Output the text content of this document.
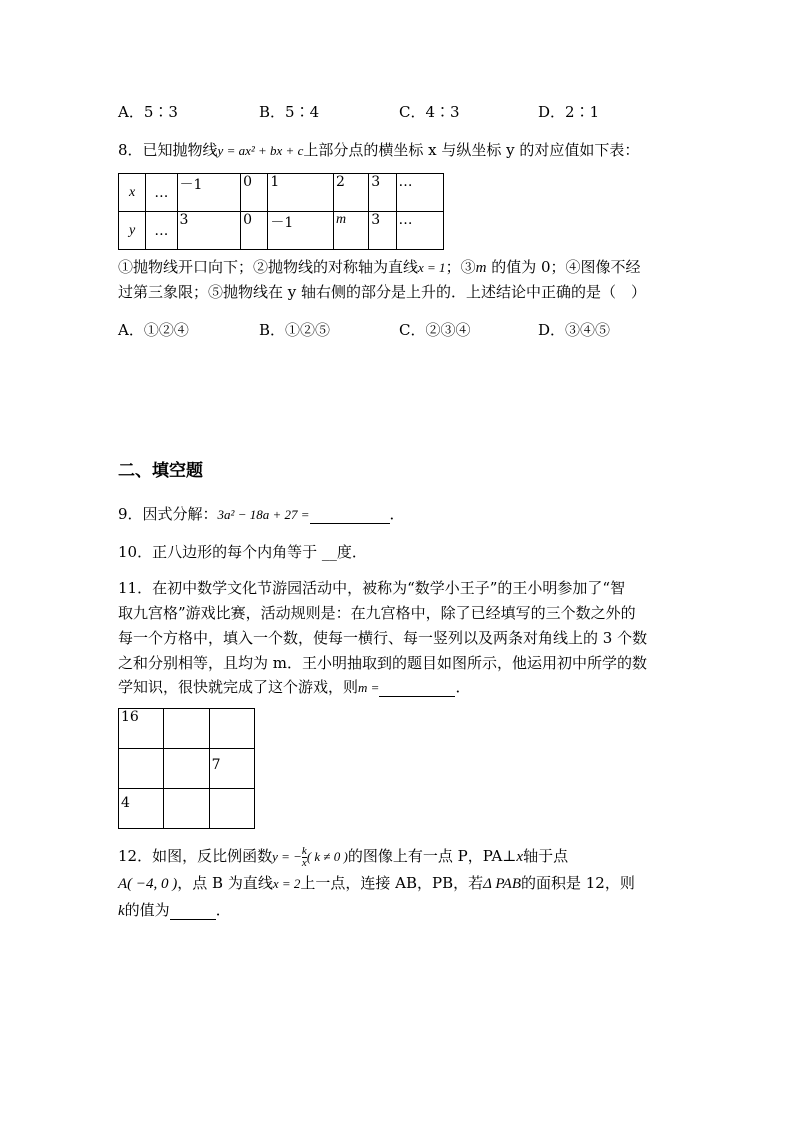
A．5∶3	B．5∶4	C．4∶3	D．2∶1
8．已知抛物线y = ax² + bx + c上部分点的横坐标 x 与纵坐标 y 的对应值如下表：
x	…	－1	0	1	2	3	…
y	…	3	0	－1	m	3	…
①抛物线开口向下；②抛物线的对称轴为直线x = 1；③m 的值为 0；④图像不经
过第三象限；⑤抛物线在 y 轴右侧的部分是上升的．上述结论中正确的是（　）
A．①②④	B．①②⑤	C．②③④	D．③④⑤
二、填空题
9．因式分解：3a² − 18a + 27 =	．
10．正八边形的每个内角等于 __度．
11．在初中数学文化节游园活动中，被称为“数学小王子”的王小明参加了“智
取九宫格”游戏比赛，活动规则是：在九宫格中，除了已经填写的三个数之外的
每一个方格中，填入一个数，使每一横行、每一竖列以及两条对角线上的 3 个数
之和分别相等，且均为 m．王小明抽取到的题目如图所示，他运用初中所学的数
学知识，很快就完成了这个游戏，则m =	．
16		
		7
4		
12．如图，反比例函数y = − $\frac{k}{x}$ ( k ≠ 0 )的图像上有一点 P，PA⊥x轴于点
A( −4, 0 )，点 B 为直线x = 2上一点，连接 AB，PB，若Δ PAB的面积是 12，则
k的值为	．
